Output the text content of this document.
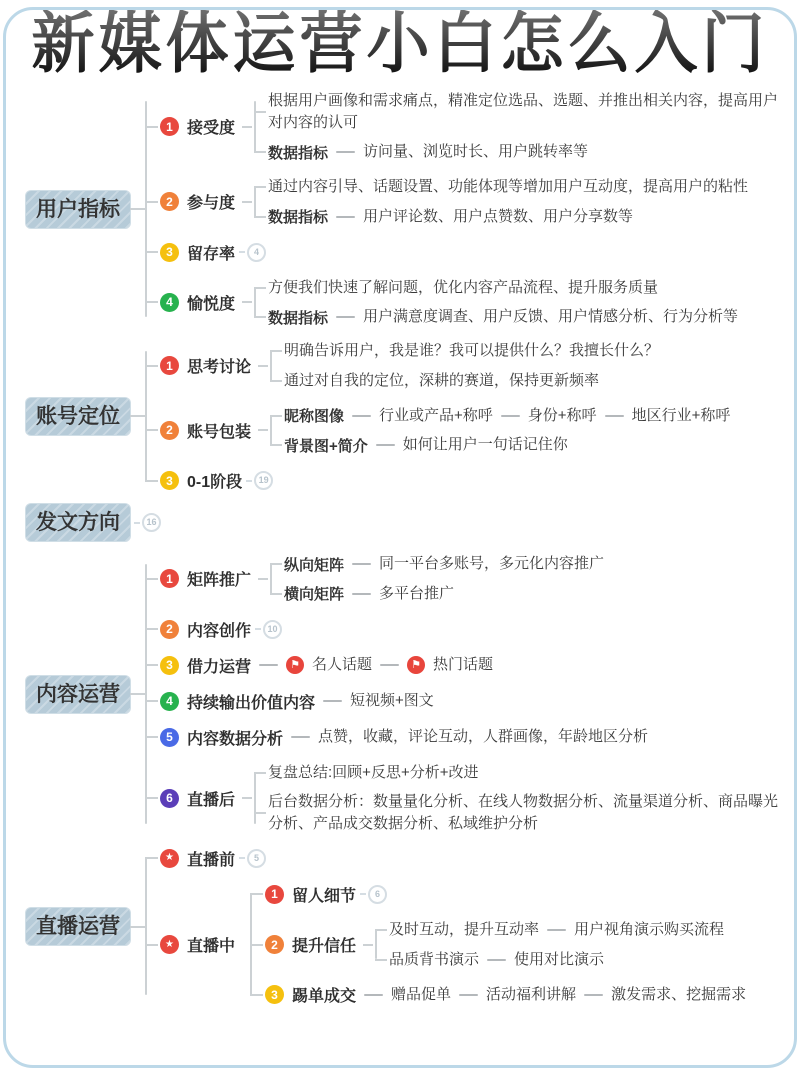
新媒体运营小白怎么入门
用户指标
1 接受度

根据用户画像和需求痛点，精准定位选品、选题、并推出相关内容，提高用户对内容的认可

数据指标 访问量、浏览时长、用户跳转率等
2 参与度

通过内容引导、话题设置、功能体现等增加用户互动度，提高用户的粘性

数据指标 用户评论数、用户点赞数、用户分享数等
3 留存率	4
4 愉悦度

方便我们快速了解问题，优化内容产品流程、提升服务质量

数据指标 用户满意度调查、用户反馈、用户情感分析、行为分析等
账号定位
1 思考讨论
明确告诉用户，我是谁？我可以提供什么？我擅长什么？
通过对自我的定位，深耕的赛道，保持更新频率
2 账号包装
昵称图像 行业或产品+称呼 身份+称呼 地区行业+称呼
背景图+简介 如何让用户一句话记住你
3 0-1阶段	19
发文方向	16
内容运营
1 矩阵推广
纵向矩阵 同一平台多账号，多元化内容推广
横向矩阵 多平台推广
2 内容创作	10
3 借力运营	⚑ 名人话题	⚑ 热门话题
4 持续输出价值内容 短视频+图文
5 内容数据分析 点赞，收藏，评论互动，人群画像，年龄地区分析
6 直播后
复盘总结:回顾+反思+分析+改进

后台数据分析：数量量化分析、在线人物数据分析、流量渠道分析、商品曝光分析、产品成交数据分析、私域维护分析

直播运营
★ 直播前	5
★ 直播中
1 留人细节	6
2 提升信任
及时互动，提升互动率 用户视角演示购买流程
品质背书演示 使用对比演示
3 踢单成交 赠品促单 活动福利讲解 激发需求、挖掘需求
